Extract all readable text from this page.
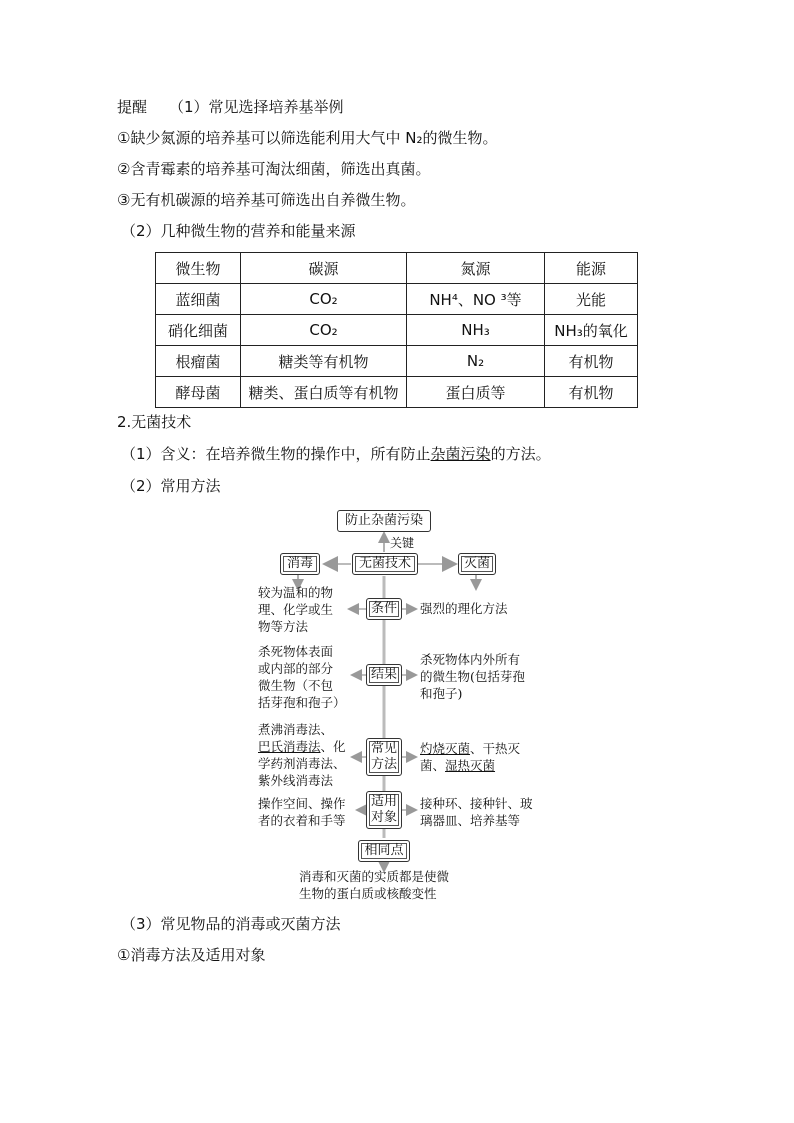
提醒 （1）常见选择培养基举例
①缺少氮源的培养基可以筛选能利用大气中 N₂的微生物。
②含青霉素的培养基可淘汰细菌，筛选出真菌。
③无有机碳源的培养基可筛选出自养微生物。
（2）几种微生物的营养和能量来源
微生物	碳源	氮源	能源
蓝细菌	CO₂	NH⁴、NO ³等	光能
硝化细菌	CO₂	NH₃	NH₃的氧化
根瘤菌	糖类等有机物	N₂	有机物
酵母菌	糖类、蛋白质等有机物	蛋白质等	有机物
2.无菌技术
（1）含义：在培养微生物的操作中，所有防止杂菌污染的方法。
（2）常用方法
防止杂菌污染
关键
无菌技术
消毒	灭菌
较为温和的物
理、化学或生
物等方法
条件	强烈的理化方法
杀死物体表面
或内部的部分
微生物（不包
括芽孢和孢子）
结果
杀死物体内外所有
的微生物(包括芽孢
和孢子)
煮沸消毒法、
巴氏消毒法、化
学药剂消毒法、
紫外线消毒法
常见
方法
灼烧灭菌、干热灭
菌、湿热灭菌
操作空间、操作
者的衣着和手等
适用
对象
接种环、接种针、玻
璃器皿、培养基等
相同点
消毒和灭菌的实质都是使微
生物的蛋白质或核酸变性
（3）常见物品的消毒或灭菌方法
①消毒方法及适用对象
